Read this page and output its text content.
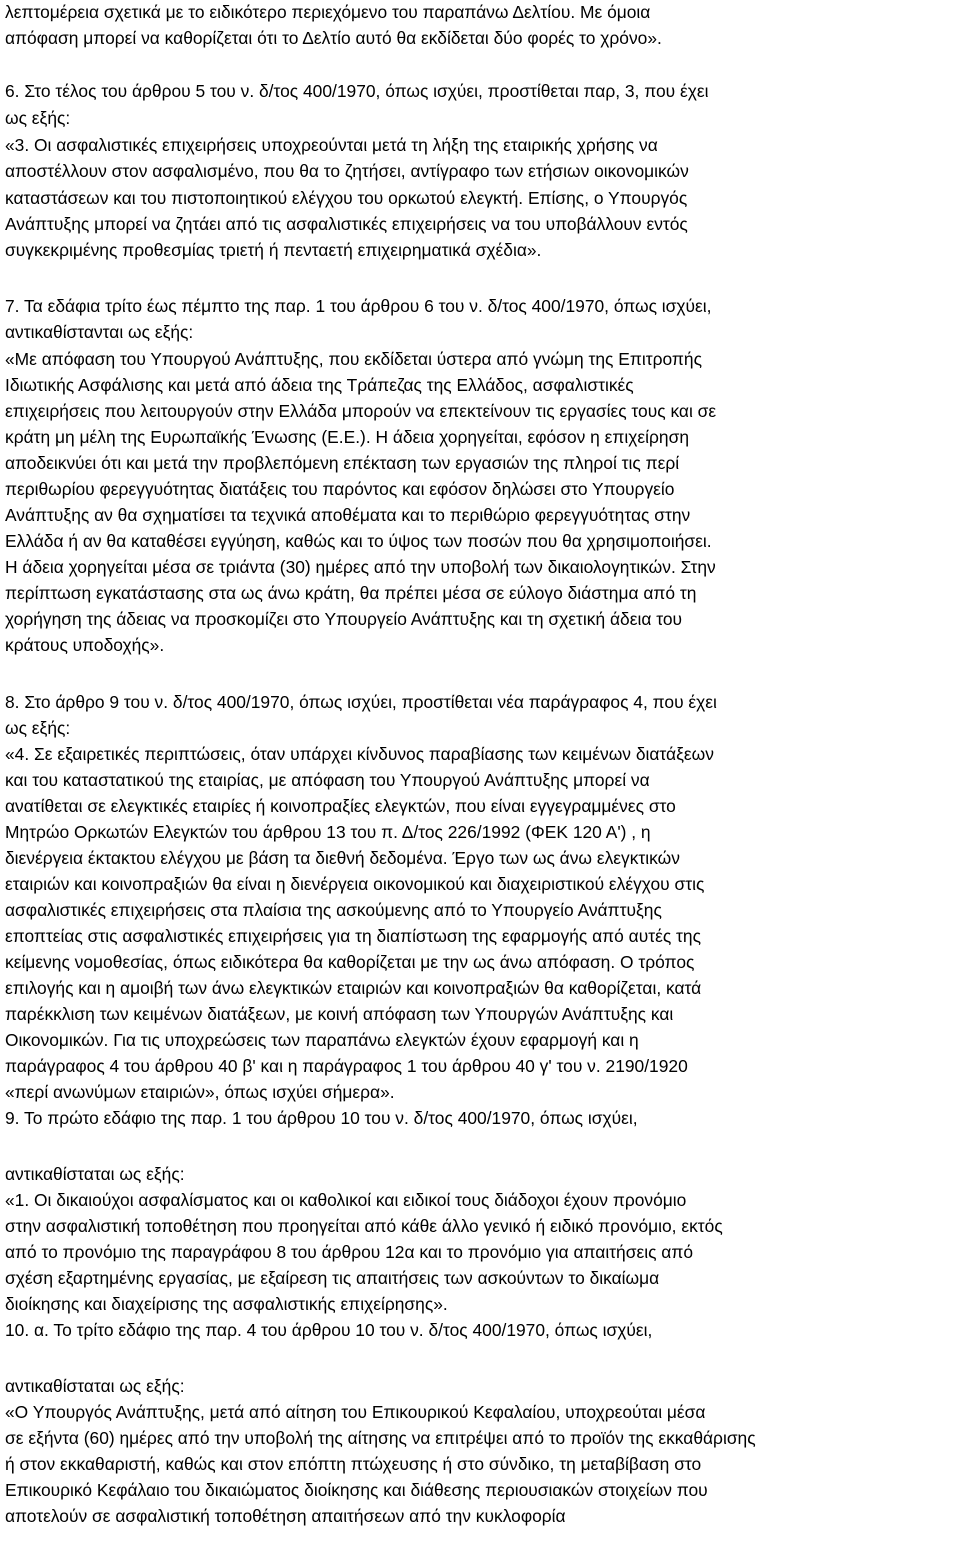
λεπτομέρεια σχετικά με το ειδικότερο περιεχόμενο του παραπάνω Δελτίου. Με όμοια
απόφαση μπορεί να καθορίζεται ότι το Δελτίο αυτό θα εκδίδεται δύο φορές το χρόνο».
6. Στο τέλος του άρθρου 5 του ν. δ/τος 400/1970, όπως ισχύει, προστίθεται παρ, 3, που έχει
ως εξής:
«3. Οι ασφαλιστικές επιχειρήσεις υποχρεούνται μετά τη λήξη της εταιρικής χρήσης να
αποστέλλουν στον ασφαλισμένο, που θα το ζητήσει, αντίγραφο των ετήσιων οικονομικών
καταστάσεων και του πιστοποιητικού ελέγχου του ορκωτού ελεγκτή. Επίσης, ο Υπουργός
Ανάπτυξης μπορεί να ζητάει από τις ασφαλιστικές επιχειρήσεις να του υποβάλλουν εντός
συγκεκριμένης προθεσμίας τριετή ή πενταετή επιχειρηματικά σχέδια».
7. Τα εδάφια τρίτο έως πέμπτο της παρ. 1 του άρθρου 6 του ν. δ/τος 400/1970, όπως ισχύει,
αντικαθίστανται ως εξής:
«Με απόφαση του Υπουργού Ανάπτυξης, που εκδίδεται ύστερα από γνώμη της Επιτροπής
Ιδιωτικής Ασφάλισης και μετά από άδεια της Τράπεζας της Ελλάδος, ασφαλιστικές
επιχειρήσεις που λειτουργούν στην Ελλάδα μπορούν να επεκτείνουν τις εργασίες τους και σε
κράτη μη μέλη της Ευρωπαϊκής Ένωσης (Ε.Ε.). Η άδεια χορηγείται, εφόσον η επιχείρηση
αποδεικνύει ότι και μετά την προβλεπόμενη επέκταση των εργασιών της πληροί τις περί
περιθωρίου φερεγγυότητας διατάξεις του παρόντος και εφόσον δηλώσει στο Υπουργείο
Ανάπτυξης αν θα σχηματίσει τα τεχνικά αποθέματα και το περιθώριο φερεγγυότητας στην
Ελλάδα ή αν θα καταθέσει εγγύηση, καθώς και το ύψος των ποσών που θα χρησιμοποιήσει.
Η άδεια χορηγείται μέσα σε τριάντα (30) ημέρες από την υποβολή των δικαιολογητικών. Στην
περίπτωση εγκατάστασης στα ως άνω κράτη, θα πρέπει μέσα σε εύλογο διάστημα από τη
χορήγηση της άδειας να προσκομίζει στο Υπουργείο Ανάπτυξης και τη σχετική άδεια του
κράτους υποδοχής».
8. Στο άρθρο 9 του ν. δ/τος 400/1970, όπως ισχύει, προστίθεται νέα παράγραφος 4, που έχει
ως εξής:
«4. Σε εξαιρετικές περιπτώσεις, όταν υπάρχει κίνδυνος παραβίασης των κειμένων διατάξεων
και του καταστατικού της εταιρίας, με απόφαση του Υπουργού Ανάπτυξης μπορεί να
ανατίθεται σε ελεγκτικές εταιρίες ή κοινοπραξίες ελεγκτών, που είναι εγγεγραμμένες στο
Μητρώο Ορκωτών Ελεγκτών του άρθρου 13 του π. Δ/τος 226/1992 (ΦΕΚ 120 Α') , η
διενέργεια έκτακτου ελέγχου με βάση τα διεθνή δεδομένα. Έργο των ως άνω ελεγκτικών
εταιριών και κοινοπραξιών θα είναι η διενέργεια οικονομικού και διαχειριστικού ελέγχου στις
ασφαλιστικές επιχειρήσεις στα πλαίσια της ασκούμενης από το Υπουργείο Ανάπτυξης
εποπτείας στις ασφαλιστικές επιχειρήσεις για τη διαπίστωση της εφαρμογής από αυτές της
κείμενης νομοθεσίας, όπως ειδικότερα θα καθορίζεται με την ως άνω απόφαση. Ο τρόπος
επιλογής και η αμοιβή των άνω ελεγκτικών εταιριών και κοινοπραξιών θα καθορίζεται, κατά
παρέκκλιση των κειμένων διατάξεων, με κοινή απόφαση των Υπουργών Ανάπτυξης και
Οικονομικών. Για τις υποχρεώσεις των παραπάνω ελεγκτών έχουν εφαρμογή και η
παράγραφος 4 του άρθρου 40 β' και η παράγραφος 1 του άρθρου 40 γ' του ν. 2190/1920
«περί ανωνύμων εταιριών», όπως ισχύει σήμερα».
9. Το πρώτο εδάφιο της παρ. 1 του άρθρου 10 του ν. δ/τος 400/1970, όπως ισχύει,
αντικαθίσταται ως εξής:
«1. Οι δικαιούχοι ασφαλίσματος και οι καθολικοί και ειδικοί τους διάδοχοι έχουν προνόμιο
στην ασφαλιστική τοποθέτηση που προηγείται από κάθε άλλο γενικό ή ειδικό προνόμιο, εκτός
από το προνόμιο της παραγράφου 8 του άρθρου 12α και το προνόμιο για απαιτήσεις από
σχέση εξαρτημένης εργασίας, με εξαίρεση τις απαιτήσεις των ασκούντων το δικαίωμα
διοίκησης και διαχείρισης της ασφαλιστικής επιχείρησης».
10. α. Το τρίτο εδάφιο της παρ. 4 του άρθρου 10 του ν. δ/τος 400/1970, όπως ισχύει,
αντικαθίσταται ως εξής:
«Ο Υπουργός Ανάπτυξης, μετά από αίτηση του Επικουρικού Κεφαλαίου, υποχρεούται μέσα
σε εξήντα (60) ημέρες από την υποβολή της αίτησης να επιτρέψει από το προϊόν της εκκαθάρισης
ή στον εκκαθαριστή, καθώς και στον επόπτη πτώχευσης ή στο σύνδικο, τη μεταβίβαση στο
Επικουρικό Κεφάλαιο του δικαιώματος διοίκησης και διάθεσης περιουσιακών στοιχείων που
αποτελούν σε ασφαλιστική τοποθέτηση απαιτήσεων από την κυκλοφορία
